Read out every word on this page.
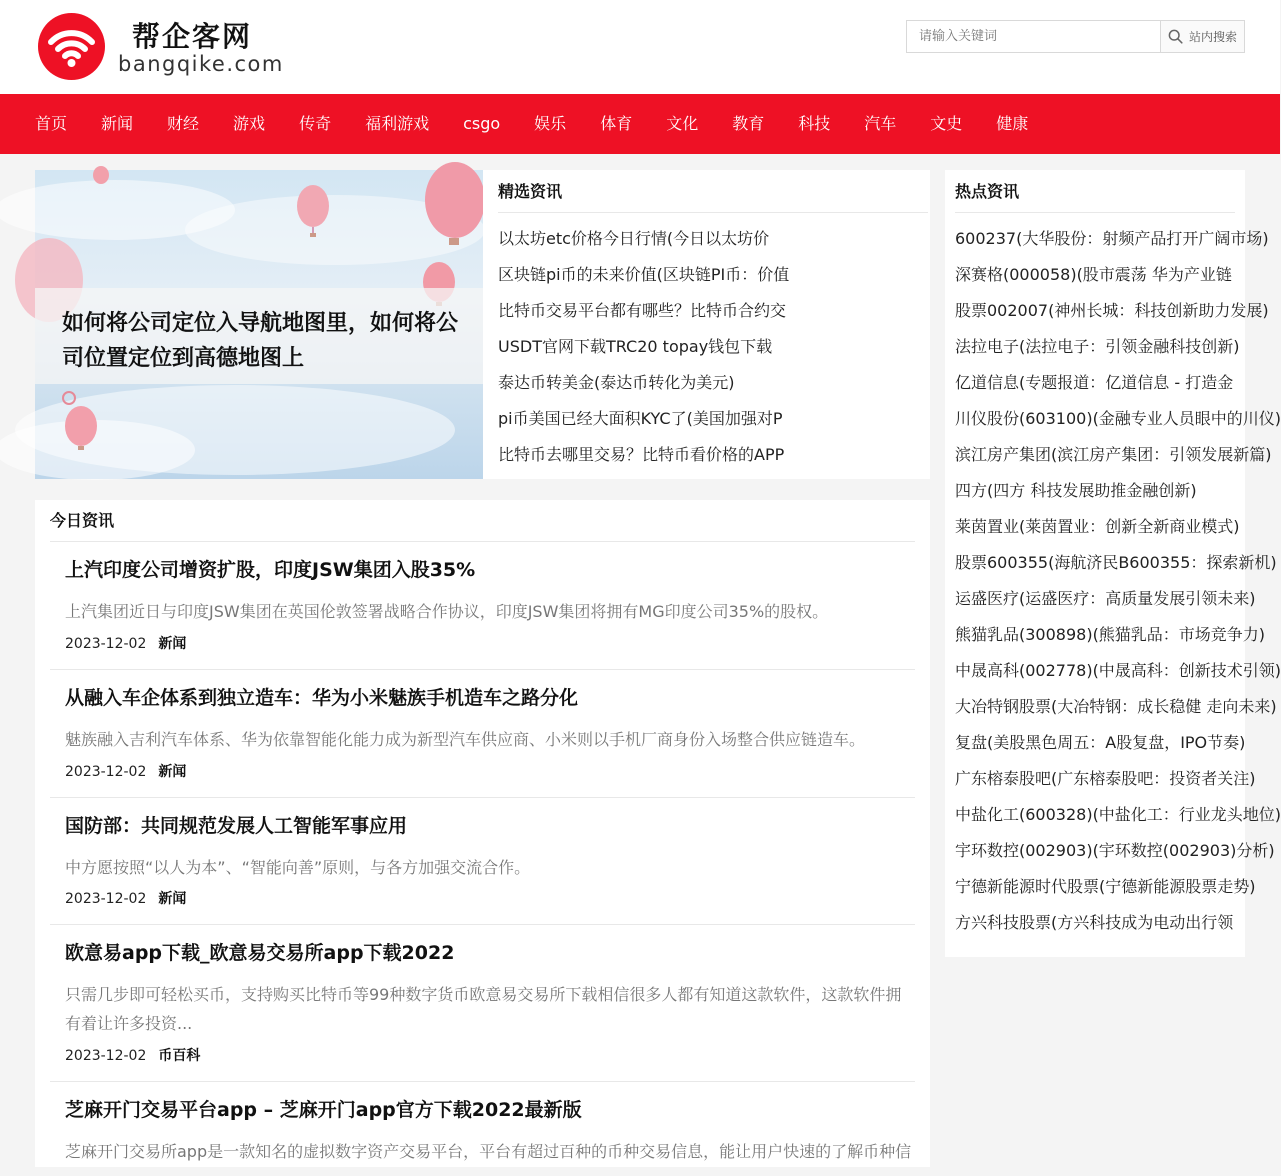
帮企客网
bangqike.com
请输入关键词
站内搜索
首页 新闻 财经 游戏 传奇 福利游戏 csgo 娱乐 体育 文化 教育 科技 汽车 文史 健康
如何将公司定位入导航地图里，如何将公司位置定位到高德地图上
精选资讯
以太坊etc价格今日行情(今日以太坊价
区块链pi币的未来价值(区块链PI币：价值
比特币交易平台都有哪些？比特币合约交
USDT官网下载TRC20 topay钱包下载
泰达币转美金(泰达币转化为美元)
pi币美国已经大面积KYC了(美国加强对P
比特币去哪里交易？比特币看价格的APP
热点资讯
600237(大华股份：射频产品打开广阔市场)
深赛格(000058)(股市震荡 华为产业链
股票002007(神州长城：科技创新助力发展)
法拉电子(法拉电子：引领金融科技创新)
亿道信息(专题报道：亿道信息 - 打造金
川仪股份(603100)(金融专业人员眼中的川仪)
滨江房产集团(滨江房产集团：引领发展新篇)
四方(四方 科技发展助推金融创新)
莱茵置业(莱茵置业：创新全新商业模式)
股票600355(海航济民B600355：探索新机)
运盛医疗(运盛医疗：高质量发展引领未来)
熊猫乳品(300898)(熊猫乳品：市场竞争力)
中晟高科(002778)(中晟高科：创新技术引领)
大冶特钢股票(大冶特钢：成长稳健 走向未来)
复盘(美股黑色周五：A股复盘，IPO节奏)
广东榕泰股吧(广东榕泰股吧：投资者关注)
中盐化工(600328)(中盐化工：行业龙头地位)
宇环数控(002903)(宇环数控(002903)分析)
宁德新能源时代股票(宁德新能源股票走势)
方兴科技股票(方兴科技成为电动出行领
今日资讯
上汽印度公司增资扩股，印度JSW集团入股35%
上汽集团近日与印度JSW集团在英国伦敦签署战略合作协议，印度JSW集团将拥有MG印度公司35%的股权。
2023-12-02 新闻
从融入车企体系到独立造车：华为小米魅族手机造车之路分化
魅族融入吉利汽车体系、华为依靠智能化能力成为新型汽车供应商、小米则以手机厂商身份入场整合供应链造车。
2023-12-02 新闻
国防部：共同规范发展人工智能军事应用
中方愿按照“以人为本”、“智能向善”原则，与各方加强交流合作。
2023-12-02 新闻
欧意易app下载_欧意易交易所app下载2022
只需几步即可轻松买币，支持购买比特币等99种数字货币欧意易交易所下载相信很多人都有知道这款软件，这款软件拥有着让许多投资...
2023-12-02 币百科
芝麻开门交易平台app – 芝麻开门app官方下载2022最新版
芝麻开门交易所app是一款知名的虚拟数字资产交易平台，平台有超过百种的币种交易信息，能让用户快速的了解币种信
